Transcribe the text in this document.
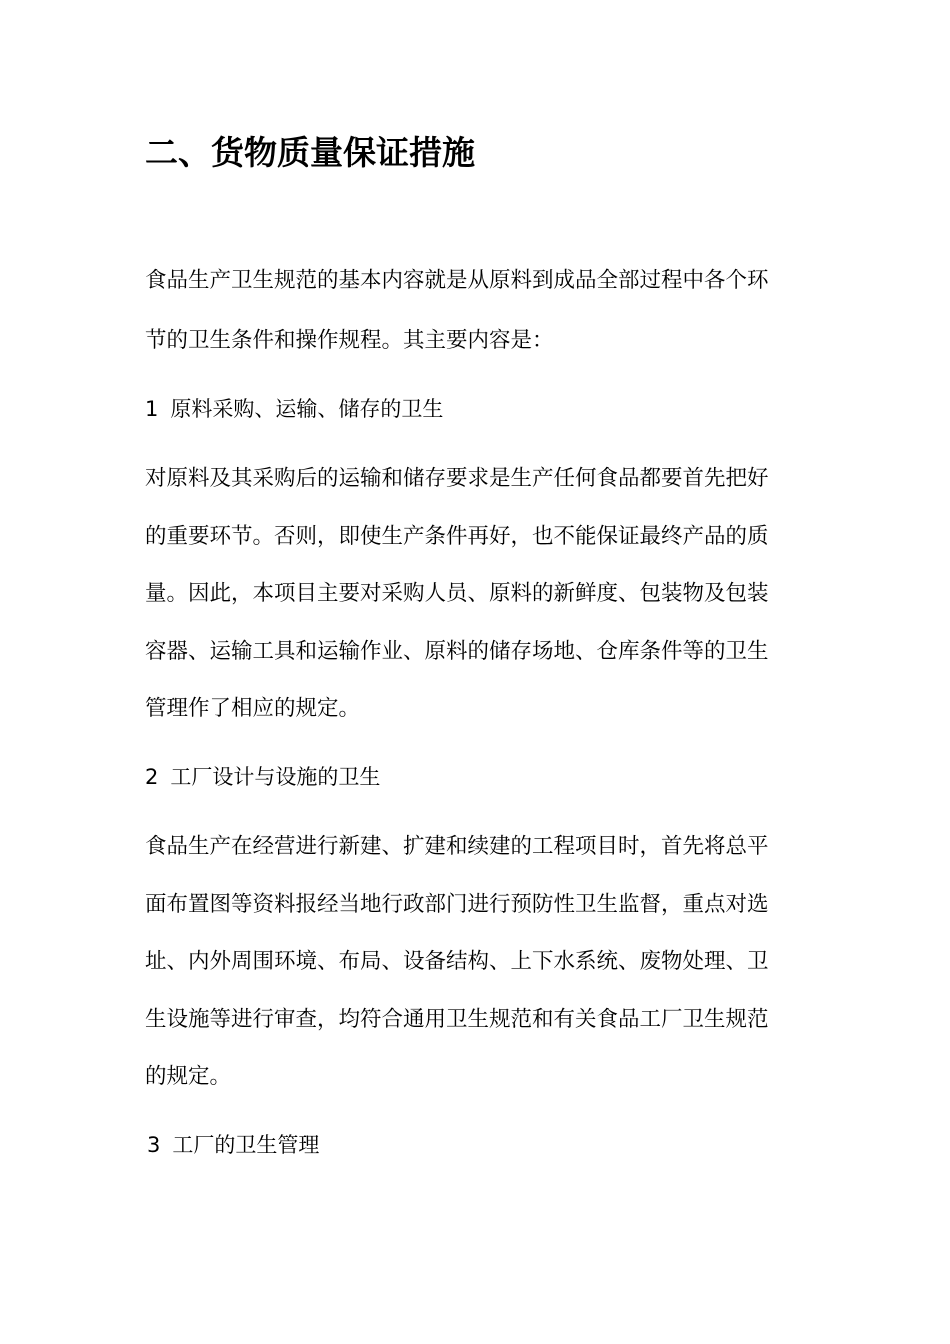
二、货物质量保证措施
食品生产卫生规范的基本内容就是从原料到成品全部过程中各个环
节的卫生条件和操作规程。其主要内容是：
1 原料采购、运输、储存的卫生
对原料及其采购后的运输和储存要求是生产任何食品都要首先把好
的重要环节。否则，即使生产条件再好，也不能保证最终产品的质
量。因此，本项目主要对采购人员、原料的新鲜度、包装物及包装
容器、运输工具和运输作业、原料的储存场地、仓库条件等的卫生
管理作了相应的规定。
2 工厂设计与设施的卫生
食品生产在经营进行新建、扩建和续建的工程项目时，首先将总平
面布置图等资料报经当地行政部门进行预防性卫生监督，重点对选
址、内外周围环境、布局、设备结构、上下水系统、废物处理、卫
生设施等进行审查，均符合通用卫生规范和有关食品工厂卫生规范
的规定。
3 工厂的卫生管理
